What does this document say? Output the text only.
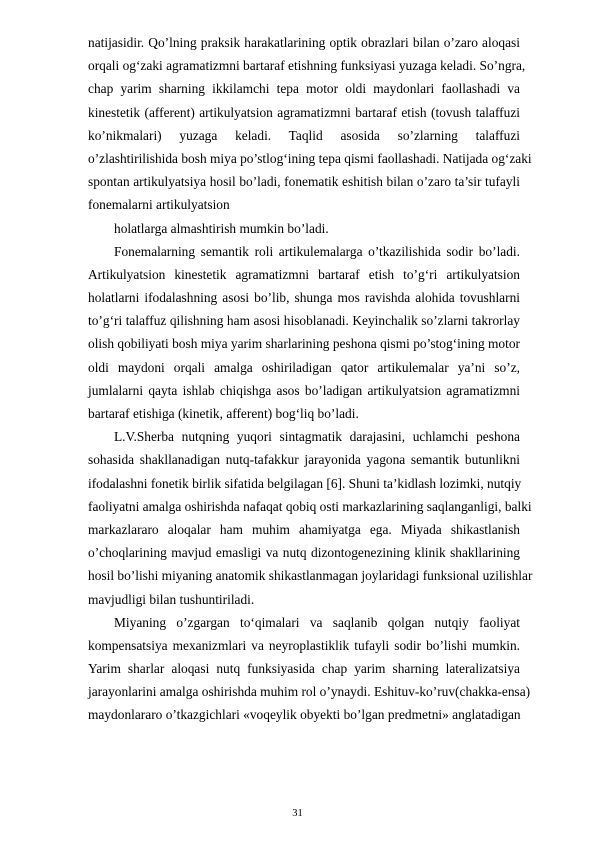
natijasidir. Qo’lning praksik harakatlarining optik obrazlari bilan o’zaro aloqasi
orqali og‘zaki agramatizmni bartaraf etishning funksiyasi yuzaga keladi. So’ngra,
chap yarim sharning ikkilamchi tepa motor oldi maydonlari faollashadi va
kinestetik (afferent) artikulyatsion agramatizmni bartaraf etish (tovush talaffuzi
ko’nikmalari) yuzaga keladi. Taqlid asosida so’zlarning talaffuzi
o’zlashtirilishida bosh miya po’stlog‘ining tepa qismi faollashadi. Natijada og‘zaki
spontan artikulyatsiya hosil bo’ladi, fonematik eshitish bilan o’zaro ta’sir tufayli
fonemalarni artikulyatsion
holatlarga almashtirish mumkin bo’ladi.
Fonemalarning semantik roli artikulemalarga o’tkazilishida sodir bo’ladi.
Artikulyatsion kinestetik agramatizmni bartaraf etish to’g‘ri artikulyatsion
holatlarni ifodalashning asosi bo’lib, shunga mos ravishda alohida tovushlarni
to’g‘ri talaffuz qilishning ham asosi hisoblanadi. Keyinchalik so’zlarni takrorlay
olish qobiliyati bosh miya yarim sharlarining peshona qismi po’stog‘ining motor
oldi maydoni orqali amalga oshiriladigan qator artikulemalar ya’ni so’z,
jumlalarni qayta ishlab chiqishga asos bo’ladigan artikulyatsion agramatizmni
bartaraf etishiga (kinetik, afferent) bog‘liq bo’ladi.
L.V.Sherba nutqning yuqori sintagmatik darajasini, uchlamchi peshona
sohasida shakllanadigan nutq-tafakkur jarayonida yagona semantik butunlikni
ifodalashni fonetik birlik sifatida belgilagan [6]. Shuni ta’kidlash lozimki, nutqiy
faoliyatni amalga oshirishda nafaqat qobiq osti markazlarining saqlanganligi, balki
markazlararo aloqalar ham muhim ahamiyatga ega. Miyada shikastlanish
o’choqlarining mavjud emasligi va nutq dizontogenezining klinik shakllarining
hosil bo’lishi miyaning anatomik shikastlanmagan joylaridagi funksional uzilishlar
mavjudligi bilan tushuntiriladi.
Miyaning o’zgargan to‘qimalari va saqlanib qolgan nutqiy faoliyat
kompensatsiya mexanizmlari va neyroplastiklik tufayli sodir bo’lishi mumkin.
Yarim sharlar aloqasi nutq funksiyasida chap yarim sharning lateralizatsiya
jarayonlarini amalga oshirishda muhim rol o’ynaydi. Eshituv-ko’ruv(chakka-ensa)
maydonlararo o’tkazgichlari «voqeylik obyekti bo’lgan predmetni» anglatadigan
31
